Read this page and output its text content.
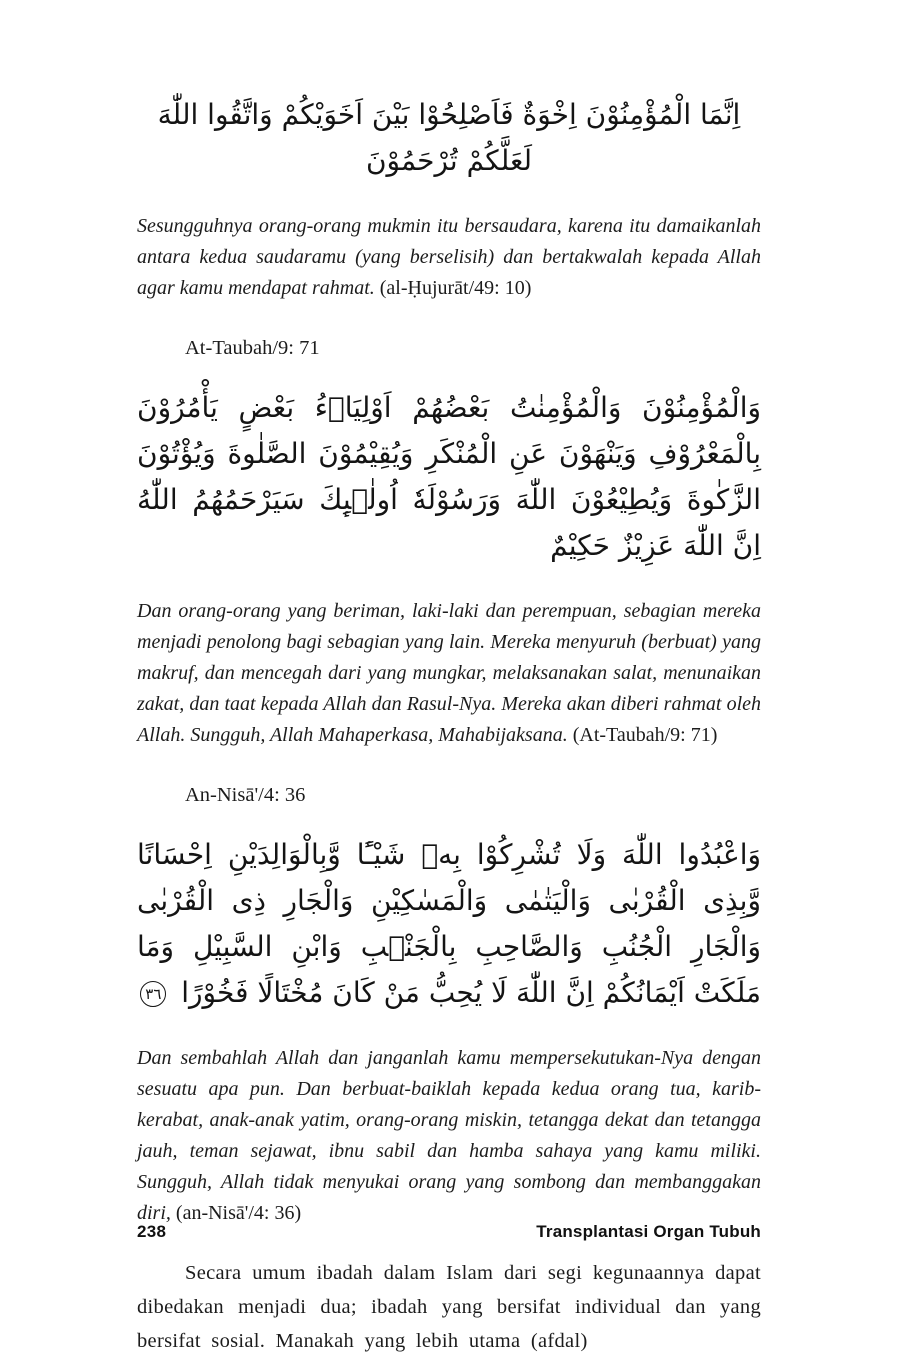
اِنَّمَا الْمُؤْمِنُوْنَ اِخْوَةٌ فَاَصْلِحُوْا بَيْنَ اَخَوَيْكُمْ وَاتَّقُوا اللّٰهَ لَعَلَّكُمْ تُرْحَمُوْنَ

Sesungguhnya orang-orang mukmin itu bersaudara, karena itu damaikanlah antara kedua saudaramu (yang berselisih) dan bertakwalah kepada Allah agar kamu mendapat rahmat. (al-Ḥujurāt/49: 10)

At-Taubah/9: 71

وَالْمُؤْمِنُوْنَ وَالْمُؤْمِنٰتُ بَعْضُهُمْ اَوْلِيَاۤءُ بَعْضٍ يَأْمُرُوْنَ بِالْمَعْرُوْفِ وَيَنْهَوْنَ عَنِ الْمُنْكَرِ وَيُقِيْمُوْنَ الصَّلٰوةَ وَيُؤْتُوْنَ الزَّكٰوةَ وَيُطِيْعُوْنَ اللّٰهَ وَرَسُوْلَهٗ اُولٰۤىِٕكَ سَيَرْحَمُهُمُ اللّٰهُ اِنَّ اللّٰهَ عَزِيْزٌ حَكِيْمٌ

Dan orang-orang yang beriman, laki-laki dan perempuan, sebagian mereka menjadi penolong bagi sebagian yang lain. Mereka menyuruh (berbuat) yang makruf, dan mencegah dari yang mungkar, melaksanakan salat, menunaikan zakat, dan taat kepada Allah dan Rasul-Nya. Mereka akan diberi rahmat oleh Allah. Sungguh, Allah Mahaperkasa, Mahabijaksana. (At-Taubah/9: 71)

An-Nisā'/4: 36

وَاعْبُدُوا اللّٰهَ وَلَا تُشْرِكُوْا بِهٖ شَيْـًٔا وَّبِالْوَالِدَيْنِ اِحْسَانًا وَّبِذِى الْقُرْبٰى وَالْيَتٰمٰى وَالْمَسٰكِيْنِ وَالْجَارِ ذِى الْقُرْبٰى وَالْجَارِ الْجُنُبِ وَالصَّاحِبِ بِالْجَنْۢبِ وَابْنِ السَّبِيْلِ وَمَا مَلَكَتْ اَيْمَانُكُمْ اِنَّ اللّٰهَ لَا يُحِبُّ مَنْ كَانَ مُخْتَالًا فَخُوْرًا ٣٦

Dan sembahlah Allah dan janganlah kamu mempersekutukan-Nya dengan sesuatu apa pun. Dan berbuat-baiklah kepada kedua orang tua, karib-kerabat, anak-anak yatim, orang-orang miskin, tetangga dekat dan tetangga jauh, teman sejawat, ibnu sabil dan hamba sahaya yang kamu miliki. Sungguh, Allah tidak menyukai orang yang sombong dan membanggakan diri, (an-Nisā'/4: 36)

Secara umum ibadah dalam Islam dari segi kegunaannya dapat dibedakan menjadi dua; ibadah yang bersifat individual dan yang bersifat sosial. Manakah yang lebih utama (afdal)

238	Transplantasi Organ Tubuh
